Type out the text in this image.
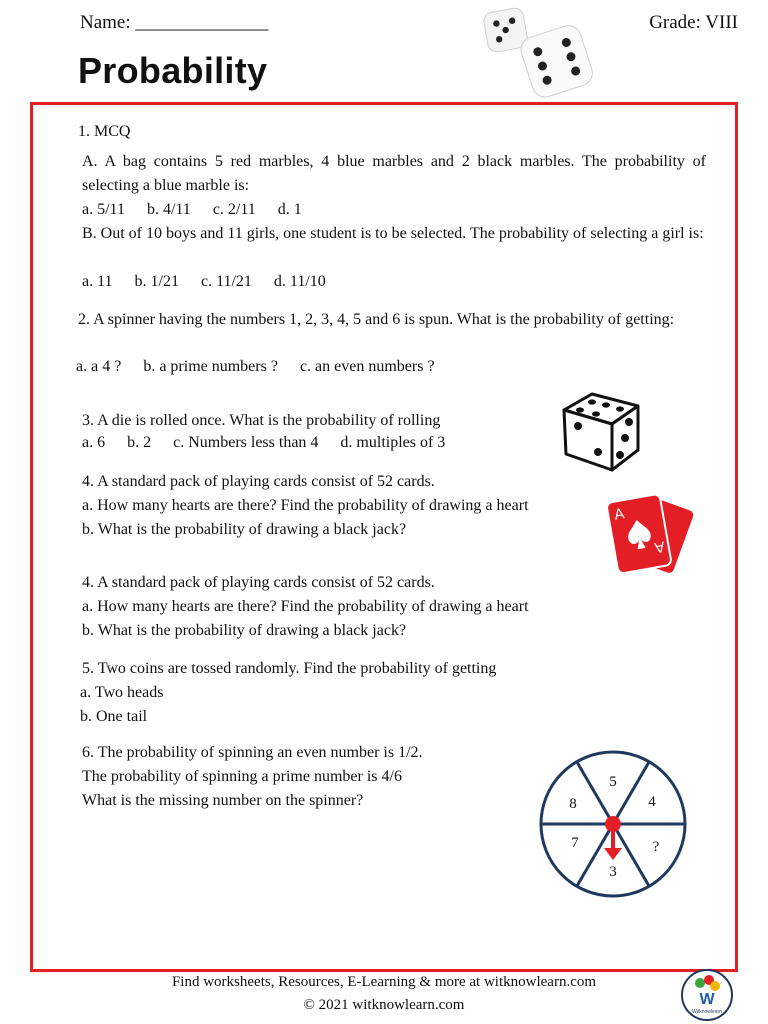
Name: ______________	Grade: VIII
Probability
1. MCQ
A. A bag contains 5 red marbles, 4 blue marbles and 2 black marbles. The probability of selecting a blue marble is:
a. 5/11 b. 4/11 c. 2/11 d. 1
B. Out of 10 boys and 11 girls, one student is to be selected. The probability of selecting a girl is:
a. 11 b. 1/21 c. 11/21 d. 11/10
2. A spinner having the numbers 1, 2, 3, 4, 5 and 6 is spun. What is the probability of getting:
a. a 4 ? b. a prime numbers ? c. an even numbers ?
3. A die is rolled once. What is the probability of rolling
a. 6 b. 2 c. Numbers less than 4 d. multiples of 3
4. A standard pack of playing cards consist of 52 cards.
a. How many hearts are there? Find the probability of drawing a heart
b. What is the probability of drawing a black jack?
A
A
4. A standard pack of playing cards consist of 52 cards.
a. How many hearts are there? Find the probability of drawing a heart
b. What is the probability of drawing a black jack?
5. Two coins are tossed randomly. Find the probability of getting
a. Two heads
b. One tail
6. The probability of spinning an even number is 1/2.
The probability of spinning a prime number is 4/6
What is the missing number on the spinner?
5
4
?
3
7
8
Find worksheets, Resources, E-Learning & more at witknowlearn.com
© 2021 witknowlearn.com	W
Witknowlearn
